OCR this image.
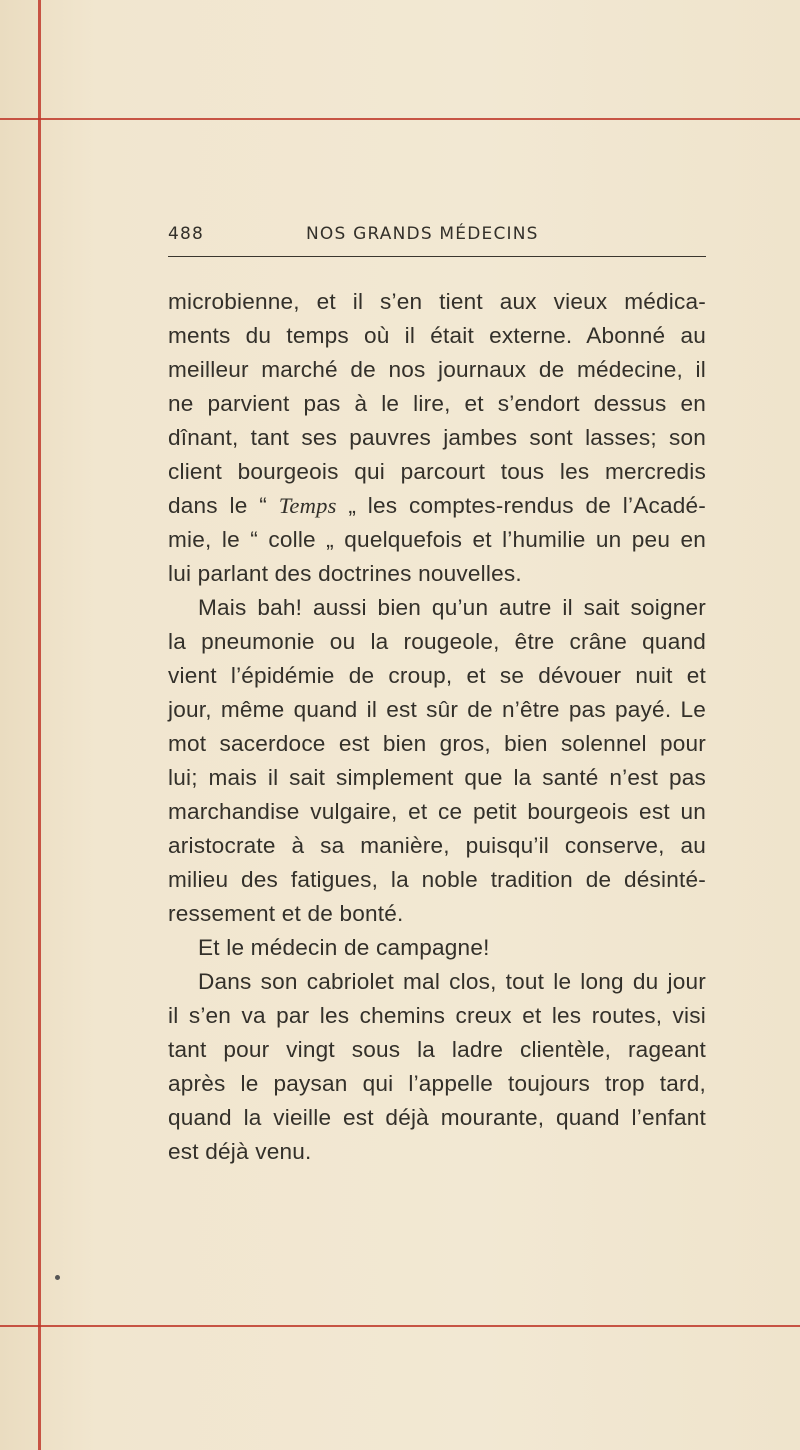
488	NOS GRANDS MÉDECINS
microbienne, et il s’en tient aux vieux médica-
ments du temps où il était externe. Abonné au
meilleur marché de nos journaux de médecine, il
ne parvient pas à le lire, et s’endort dessus en
dînant, tant ses pauvres jambes sont lasses; son
client bourgeois qui parcourt tous les mercredis
dans le “ Temps „ les comptes-rendus de l’Acadé-
mie, le “ colle „ quelquefois et l’humilie un peu en
lui parlant des doctrines nouvelles.
Mais bah! aussi bien qu’un autre il sait soigner
la pneumonie ou la rougeole, être crâne quand
vient l’épidémie de croup, et se dévouer nuit et
jour, même quand il est sûr de n’être pas payé. Le
mot sacerdoce est bien gros, bien solennel pour
lui; mais il sait simplement que la santé n’est pas
marchandise vulgaire, et ce petit bourgeois est un
aristocrate à sa manière, puisqu’il conserve, au
milieu des fatigues, la noble tradition de désinté-
ressement et de bonté.
Et le médecin de campagne!
Dans son cabriolet mal clos, tout le long du jour
il s’en va par les chemins creux et les routes, visi
tant pour vingt sous la ladre clientèle, rageant
après le paysan qui l’appelle toujours trop tard,
quand la vieille est déjà mourante, quand l’enfant
est déjà venu.
